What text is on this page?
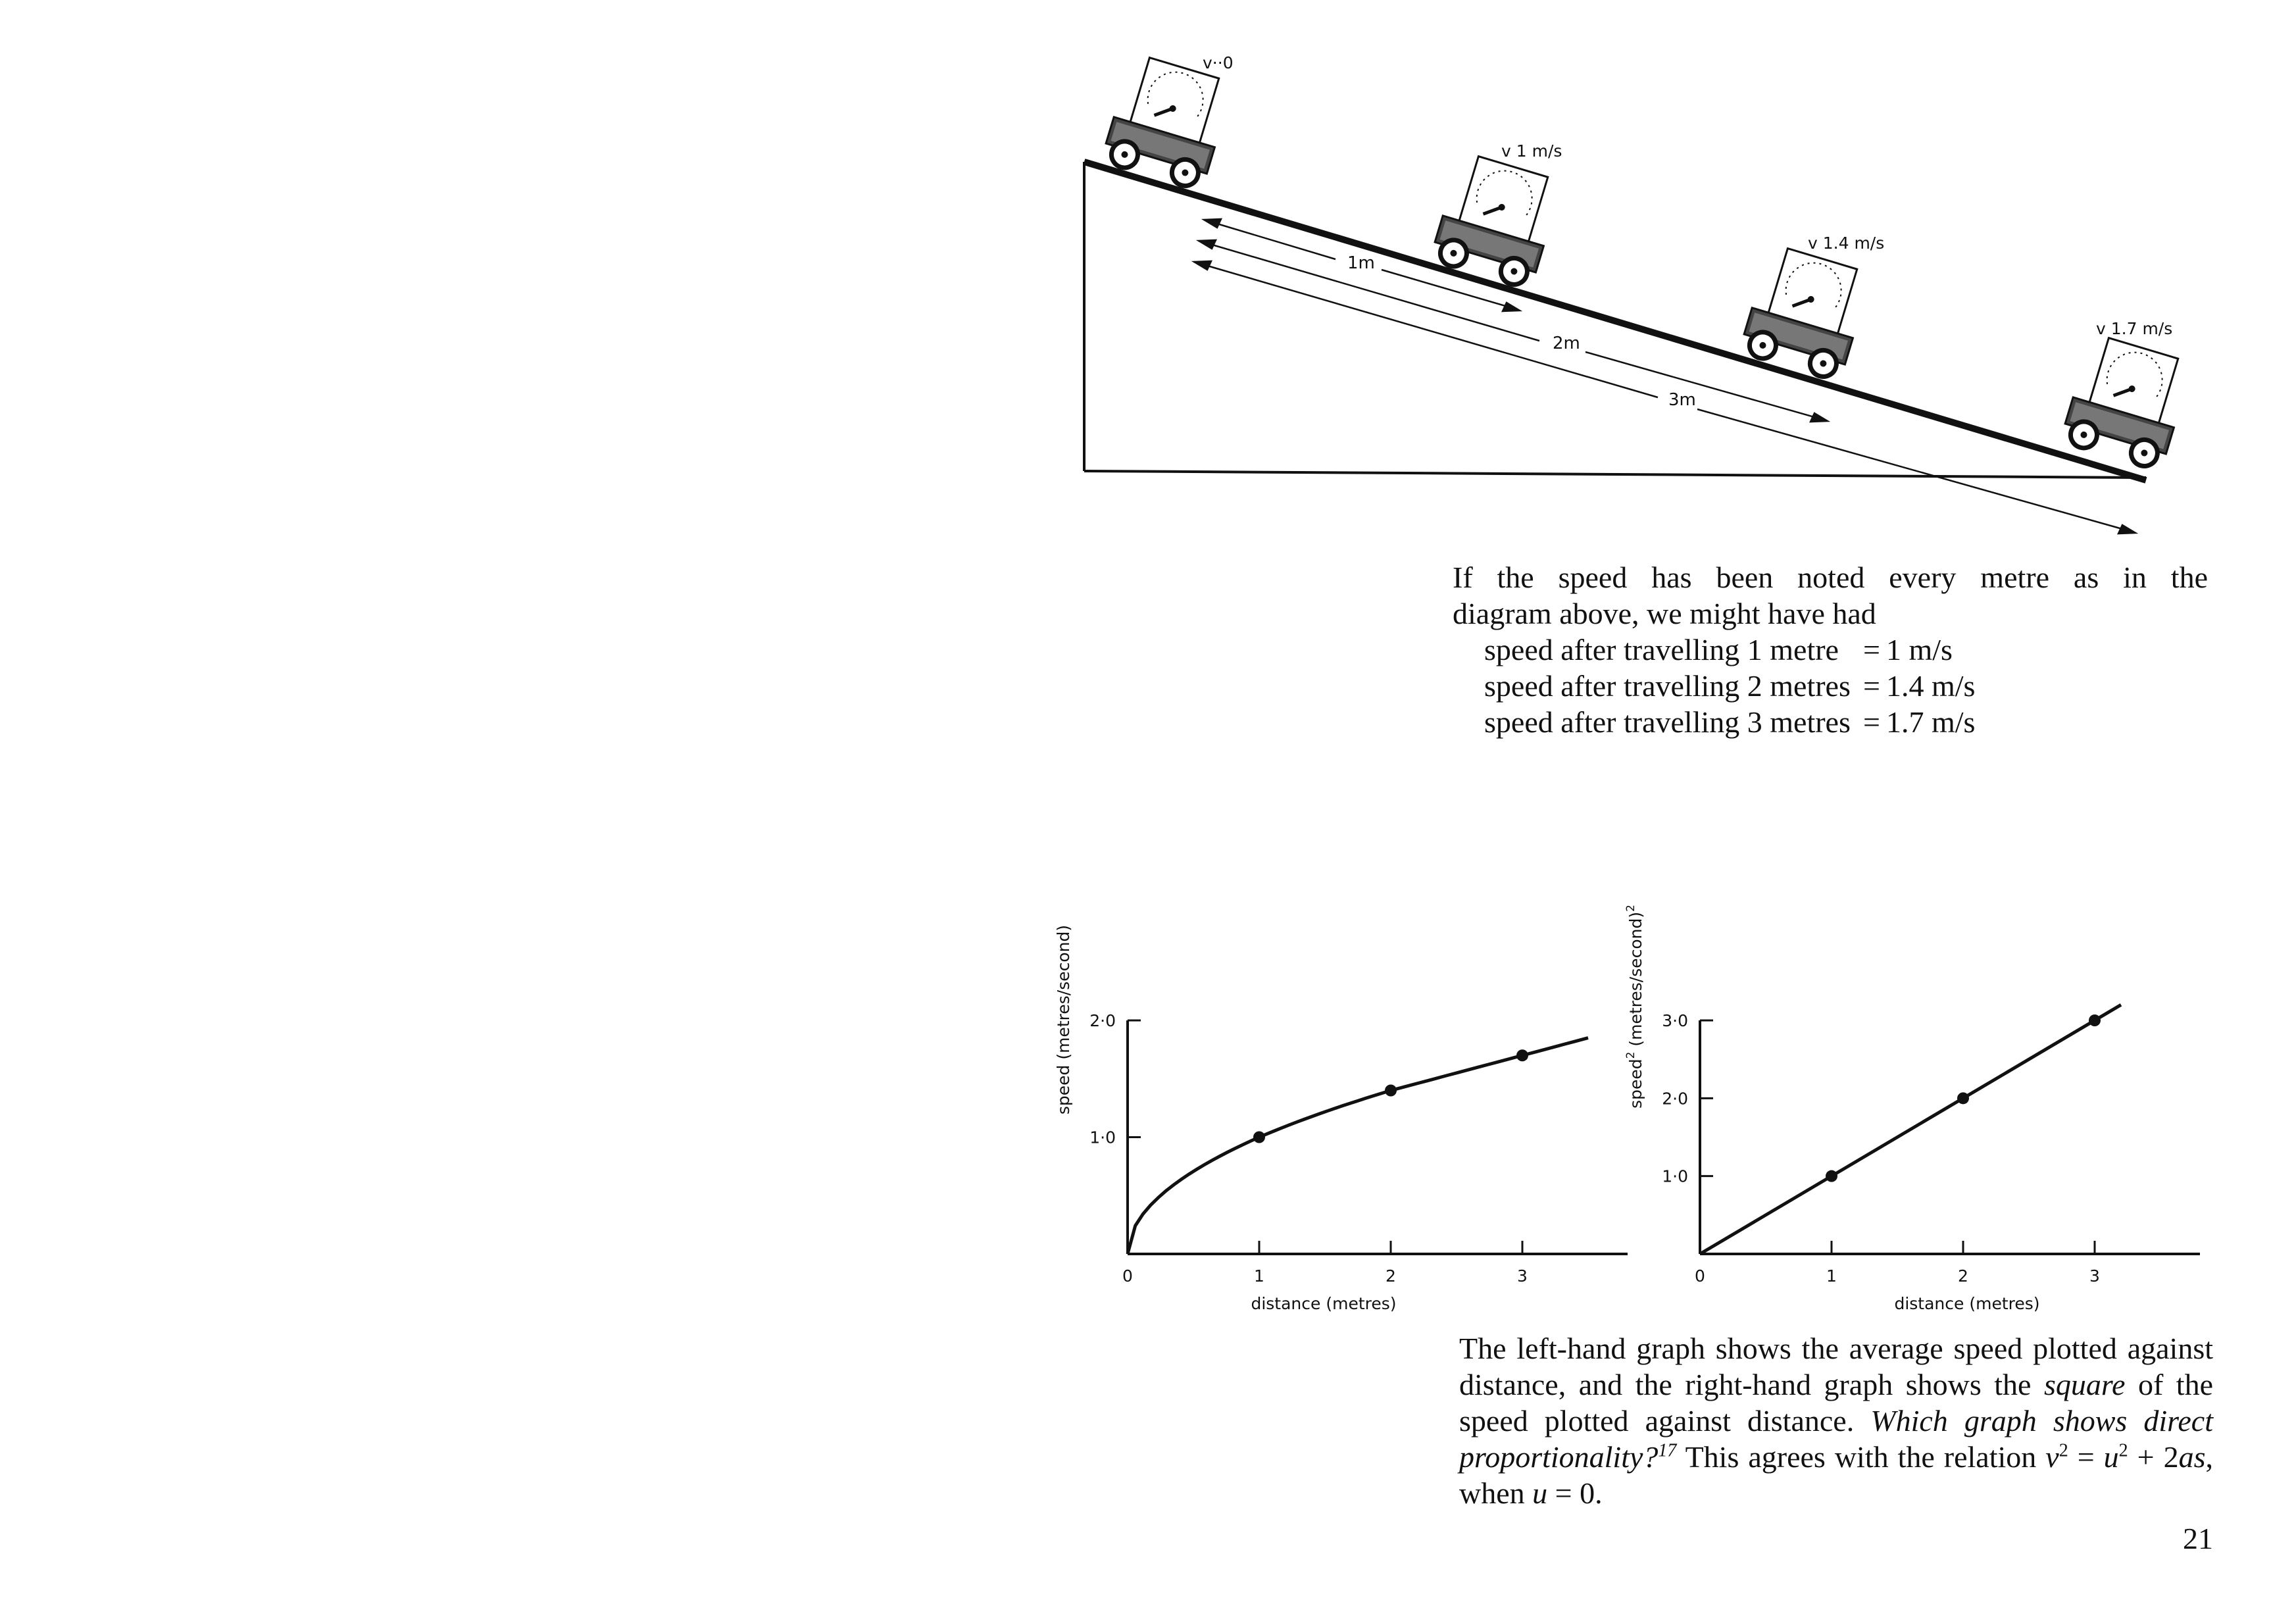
1m
2m
3m
v··0
v 1 m/s
v 1.4 m/s
v 1.7 m/s
If the speed has been noted every metre as in the
diagram above, we might have had
speed after travelling 1 metre = 1 m/s
speed after travelling 2 metres = 1.4 m/s
speed after travelling 3 metres = 1.7 m/s
0	1	2	3
1·0
2·0
distance (metres)
speed (metres/second)
0	1	2	3
1·0
2·0
3·0
distance (metres)
speed$^2$ (metres/second)$^2$

The left-hand graph shows the average speed plotted against distance, and the right-hand graph shows the square of the speed plotted against distance. Which graph shows direct proportionality?$^{17}$ This agrees with the relation $v^2 = u^2 + 2as$, when u = 0.

21
